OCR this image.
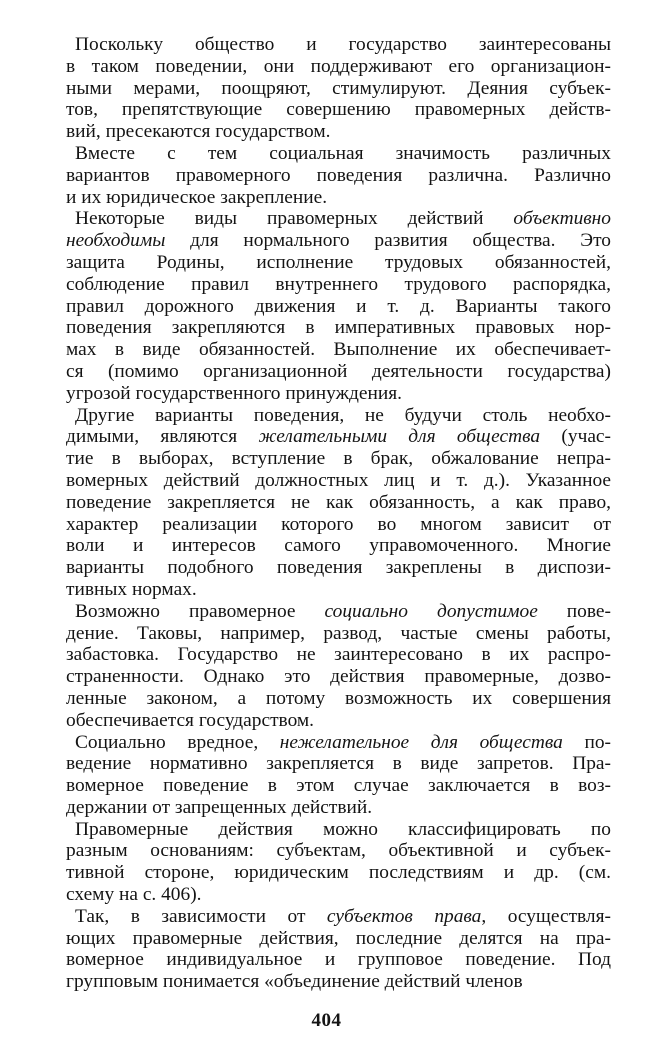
Поскольку общество и государство заинтересованы
в таком поведении, они поддерживают его организацион-
ными мерами, поощряют, стимулируют. Деяния субъек-
тов, препятствующие совершению правомерных действ-
вий, пресекаются государством.

Вместе с тем социальная значимость различных
вариантов правомерного поведения различна. Различно
и их юридическое закрепление.

Некоторые виды правомерных действий объективно
необходимы для нормального развития общества. Это
защита Родины, исполнение трудовых обязанностей,
соблюдение правил внутреннего трудового распорядка,
правил дорожного движения и т. д. Варианты такого
поведения закрепляются в императивных правовых нор-
мах в виде обязанностей. Выполнение их обеспечивает-
ся (помимо организационной деятельности государства)
угрозой государственного принуждения.

Другие варианты поведения, не будучи столь необхо-
димыми, являются желательными для общества (учас-
тие в выборах, вступление в брак, обжалование непра-
вомерных действий должностных лиц и т. д.). Указанное
поведение закрепляется не как обязанность, а как право,
характер реализации которого во многом зависит от
воли и интересов самого управомоченного. Многие
варианты подобного поведения закреплены в диспози-
тивных нормах.

Возможно правомерное социально допустимое пове-
дение. Таковы, например, развод, частые смены работы,
забастовка. Государство не заинтересовано в их распро-
страненности. Однако это действия правомерные, дозво-
ленные законом, а потому возможность их совершения
обеспечивается государством.

Социально вредное, нежелательное для общества по-
ведение нормативно закрепляется в виде запретов. Пра-
вомерное поведение в этом случае заключается в воз-
держании от запрещенных действий.

Правомерные действия можно классифицировать по
разным основаниям: субъектам, объективной и субъек-
тивной стороне, юридическим последствиям и др. (см.
схему на с. 406).

Так, в зависимости от субъектов права, осуществля-
ющих правомерные действия, последние делятся на пра-
вомерное индивидуальное и групповое поведение. Под
групповым понимается «объединение действий членов

404
